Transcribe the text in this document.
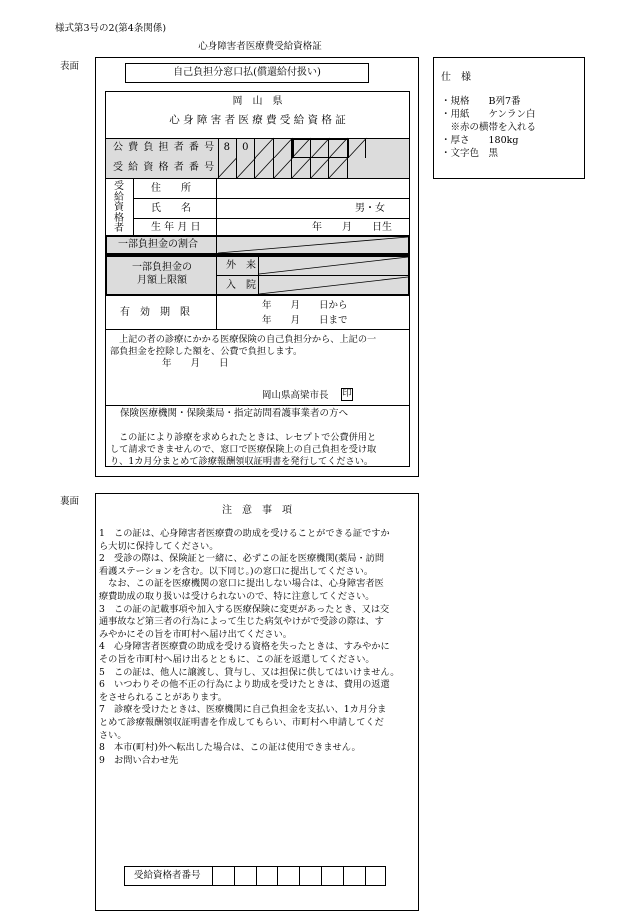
様式第3号の2(第4条関係)
心身障害者医療費受給資格証
表面
自己負担分窓口払(償還給付扱い)
岡　山　県
心 身 障 害 者 医 療 費 受 給 資 格 証
公 費 負 担 者 番 号 8	0
受 給 資 格 者 番 号
受
給
資
格
者
住　　所
氏　　名	男・女
生 年 月 日	年　　月　　日生
一部負担金の割合
一部負担金の
月額上限額
外　来
入　院
有　効　期　限
年　　月　　日から
年　　月　　日まで
上記の者の診療にかかる医療保険の自己負担分から、上記の一
部負担金を控除した額を、公費で負担します。
年　　月　　日
岡山県高梁市長 印
保険医療機関・保険薬局・指定訪問看護事業者の方へ
この証により診療を求められたときは、レセプトで公費併用と
して請求できませんので、窓口で医療保険上の自己負担を受け取
り、1カ月分まとめて診療報酬領収証明書を発行してください。
仕　様
・規格　　B列7番
・用紙　　ケンラン白
　※赤の横帯を入れる
・厚さ　　180kg
・文字色　黒
裏面
注　意　事　項
1　この証は、心身障害者医療費の助成を受けることができる証ですか
ら大切に保持してください。
2　受診の際は、保険証と一緒に、必ずこの証を医療機関(薬局・訪問
看護ステーションを含む。以下同じ。)の窓口に提出してください。
　なお、この証を医療機関の窓口に提出しない場合は、心身障害者医
療費助成の取り扱いは受けられないので、特に注意してください。
3　この証の記載事項や加入する医療保険に変更があったとき、又は交
通事故など第三者の行為によって生じた病気やけがで受診の際は、す
みやかにその旨を市町村へ届け出てください。
4　心身障害者医療費の助成を受ける資格を失ったときは、すみやかに
その旨を市町村へ届け出るとともに、この証を返還してください。
5　この証は、他人に譲渡し、貸与し、又は担保に供してはいけません。
6　いつわりその他不正の行為により助成を受けたときは、費用の返還
をさせられることがあります。
7　診療を受けたときは、医療機関に自己負担金を支払い、1カ月分ま
とめて診療報酬領収証明書を作成してもらい、市町村へ申請してくだ
さい。
8　本市(町村)外へ転出した場合は、この証は使用できません。
9　お問い合わせ先
受給資格者番号
